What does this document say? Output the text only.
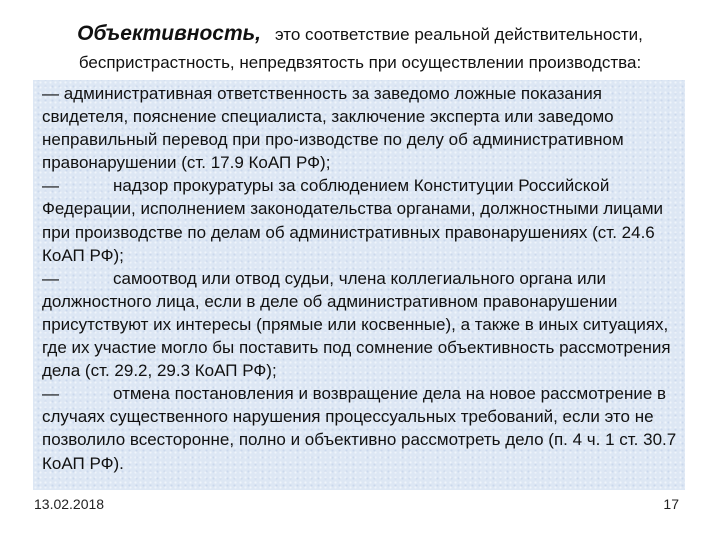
Объективность, это соответствие реальной действительности,
беспристрастность, непредвзятость при осуществлении производства:

— административная ответственность за заведомо ложные показания свидетеля, пояснение специалиста, заключение эксперта или заведомо неправильный перевод при про-изводстве по делу об административном правонарушении (ст. 17.9 КоАП РФ);

—	надзор прокуратуры за соблюдением Конституции Российской Федерации, исполнением законодательства органами, должностными лицами при производстве по делам об административных правонарушениях (ст. 24.6 КоАП РФ);

—	самоотвод или отвод судьи, члена коллегиального органа или должностного лица, если в деле об административном правонарушении присутствуют их интересы (прямые или косвенные), а также в иных ситуациях, где их участие могло бы поставить под сомнение объективность рассмотрения дела (ст. 29.2, 29.3 КоАП РФ);

—	отмена постановления и возвращение дела на новое рассмотрение в случаях существенного нарушения процессуальных требований, если это не позволило всесторонне, полно и объективно рассмотреть дело (п. 4 ч. 1 ст. 30.7 КоАП РФ).

13.02.2018	17
